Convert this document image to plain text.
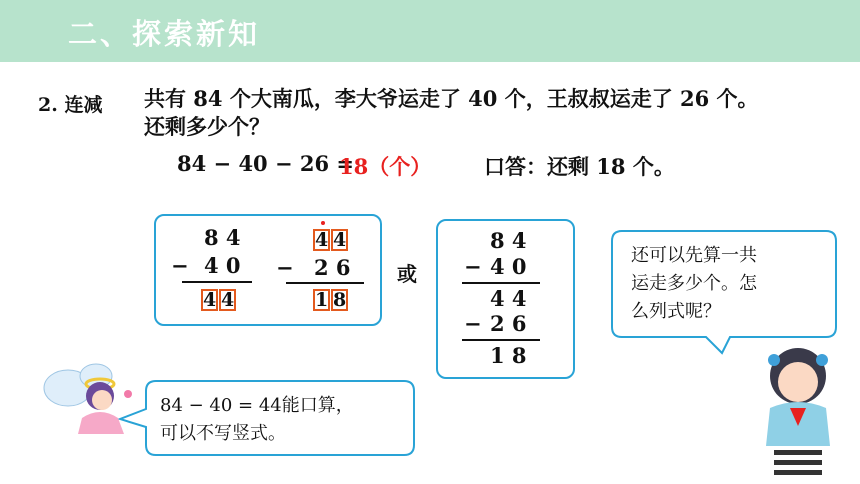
二、探索新知
2. 连减 共有 84 个大南瓜，李大爷运走了 40 个，王叔叔运走了 26 个。
还剩多少个？
84 − 40 − 26 =
18（个）	口答：还剩 18 个。
8 4
− 4 0
4 4
4 4
− 2 6
1 8
或
8 4
− 4 0
4 4
− 2 6
1 8
还可以先算一共
运走多少个。怎
么列式呢？
84 − 40 = 44能口算，
可以不写竖式。
